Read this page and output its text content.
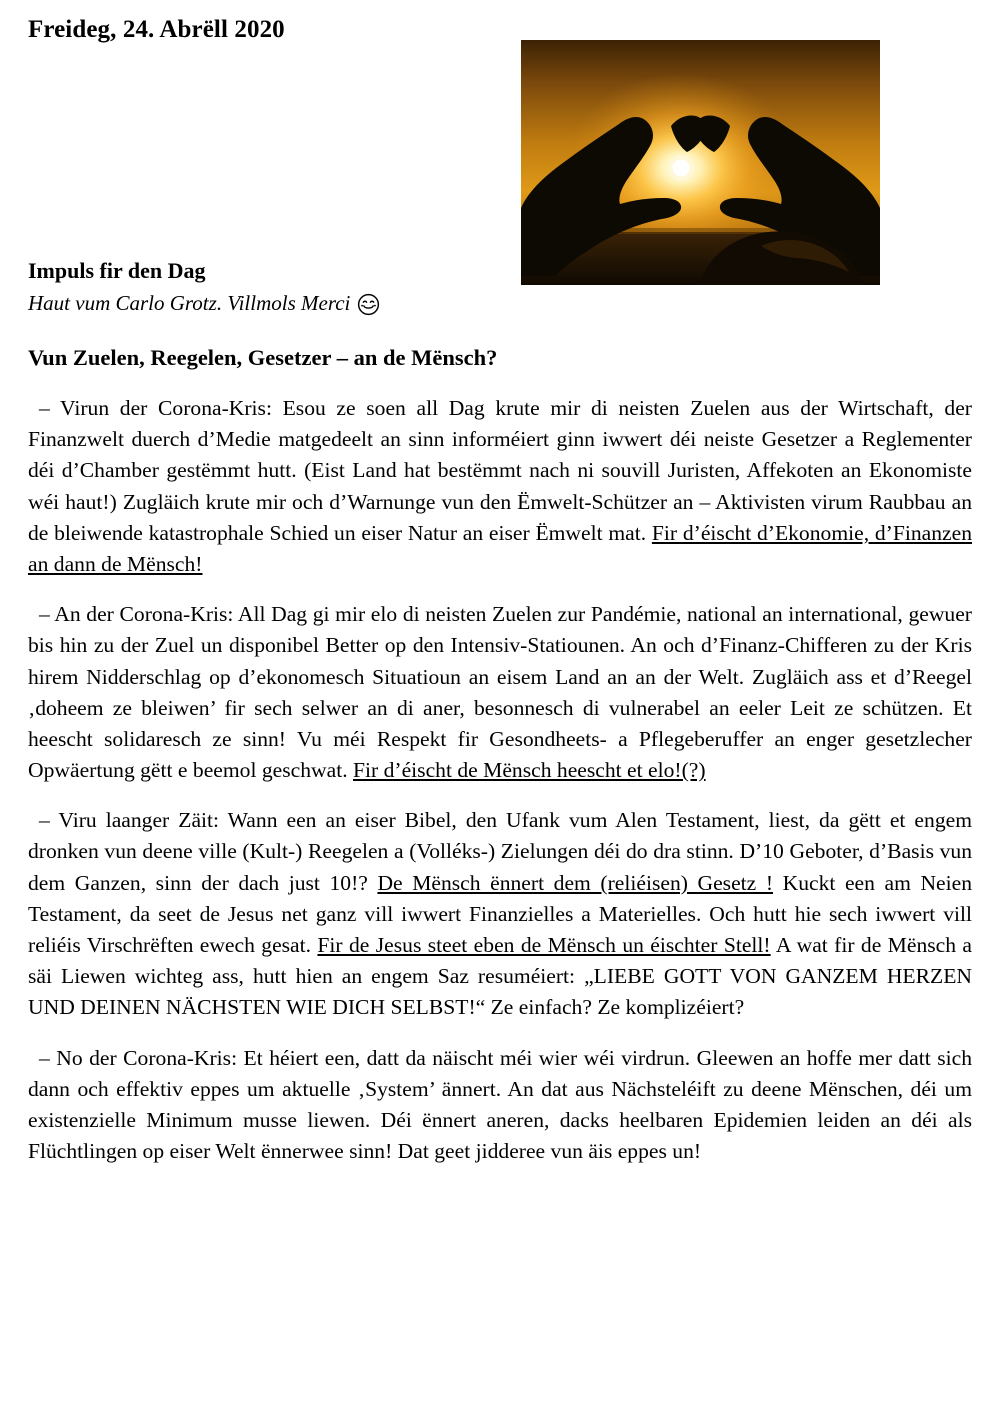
Freideg, 24. Abrëll 2020
Impuls fir den Dag
Haut vum Carlo Grotz. Villmols Merci
Vun Zuelen, Reegelen, Gesetzer – an de Mënsch?

– Virun der Corona-Kris: Esou ze soen all Dag krute mir di neisten Zuelen aus der Wirtschaft, der Finanzwelt duerch d’Medie matgedeelt an sinn informéiert ginn iwwert déi neiste Gesetzer a Reglementer déi d’Chamber gestëmmt hutt. (Eist Land hat bestëmmt nach ni souvill Juristen, Affekoten an Ekonomiste wéi haut!) Zugläich krute mir och d’Warnunge vun den Ëmwelt-Schützer an – Aktivisten virum Raubbau an de bleiwende katastrophale Schied un eiser Natur an eiser Ëmwelt mat. Fir d’éischt d’Ekonomie, d’Finanzen an dann de Mënsch!

– An der Corona-Kris: All Dag gi mir elo di neisten Zuelen zur Pandémie, national an international, gewuer bis hin zu der Zuel un disponibel Better op den Intensiv-Statiounen. An och d’Finanz-Chifferen zu der Kris hirem Nidderschlag op d’ekonomesch Situatioun an eisem Land an an der Welt. Zugläich ass et d’Reegel ‚doheem ze bleiwen’ fir sech selwer an di aner, besonnesch di vulnerabel an eeler Leit ze schützen. Et heescht solidaresch ze sinn! Vu méi Respekt fir Gesondheets- a Pflegeberuffer an enger gesetzlecher Opwäertung gëtt e beemol geschwat. Fir d’éischt de Mënsch heescht et elo!(?)

– Viru laanger Zäit: Wann een an eiser Bibel, den Ufank vum Alen Testament, liest, da gëtt et engem dronken vun deene ville (Kult-) Reegelen a (Volléks-) Zielungen déi do dra stinn. D’10 Geboter, d’Basis vun dem Ganzen, sinn der dach just 10!? De Mënsch ënnert dem (reliéisen) Gesetz ! Kuckt een am Neien Testament, da seet de Jesus net ganz vill iwwert Finanzielles a Materielles. Och hutt hie sech iwwert vill reliéis Virschrëften ewech gesat. Fir de Jesus steet eben de Mënsch un éischter Stell! A wat fir de Mënsch a säi Liewen wichteg ass, hutt hien an engem Saz resuméiert: „LIEBE GOTT VON GANZEM HERZEN UND DEINEN NÄCHSTEN WIE DICH SELBST!“ Ze einfach? Ze komplizéiert?

– No der Corona-Kris: Et héiert een, datt da näischt méi wier wéi virdrun. Gleewen an hoffe mer datt sich dann och effektiv eppes um aktuelle ‚System’ ännert. An dat aus Nächsteléift zu deene Mënschen, déi um existenzielle Minimum musse liewen. Déi ënnert aneren, dacks heelbaren Epidemien leiden an déi als Flüchtlingen op eiser Welt ënnerwee sinn! Dat geet jidderee vun äis eppes un!
